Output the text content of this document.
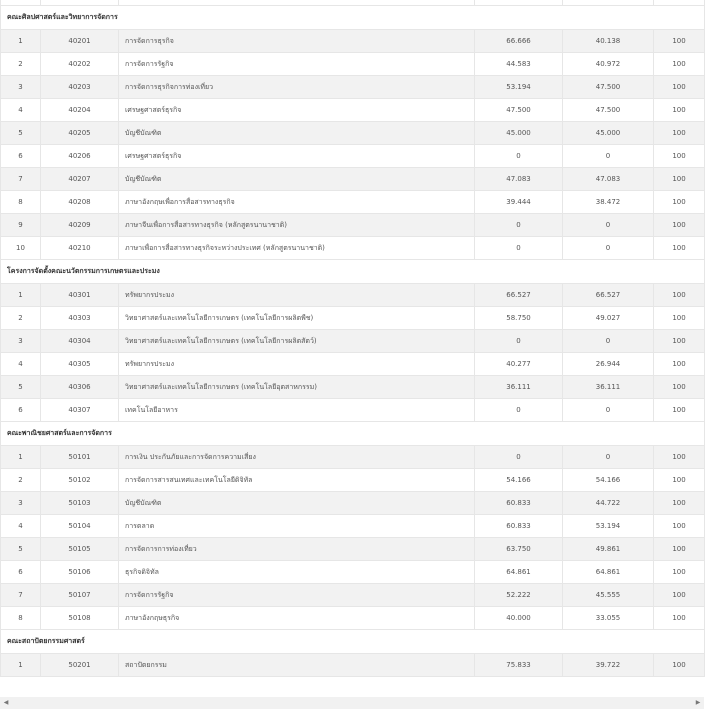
คณะศิลปศาสตร์และวิทยาการจัดการ					
1	40201	การจัดการธุรกิจ	66.666	40.138	100
2	40202	การจัดการรัฐกิจ	44.583	40.972	100
3	40203	การจัดการธุรกิจการท่องเที่ยว	53.194	47.500	100
4	40204	เศรษฐศาสตร์ธุรกิจ	47.500	47.500	100
5	40205	บัญชีบัณฑิต	45.000	45.000	100
6	40206	เศรษฐศาสตร์ธุรกิจ	0	0	100
7	40207	บัญชีบัณฑิต	47.083	47.083	100
8	40208	ภาษาอังกฤษเพื่อการสื่อสารทางธุรกิจ	39.444	38.472	100
9	40209	ภาษาจีนเพื่อการสื่อสารทางธุรกิจ (หลักสูตรนานาชาติ)	0	0	100
10	40210	ภาษาเพื่อการสื่อสารทางธุรกิจระหว่างประเทศ (หลักสูตรนานาชาติ)	0	0	100
โครงการจัดตั้งคณะนวัตกรรมการเกษตรและประมง					
1	40301	ทรัพยากรประมง	66.527	66.527	100
2	40303	วิทยาศาสตร์และเทคโนโลยีการเกษตร (เทคโนโลยีการผลิตพืช)	58.750	49.027	100
3	40304	วิทยาศาสตร์และเทคโนโลยีการเกษตร (เทคโนโลยีการผลิตสัตว์)	0	0	100
4	40305	ทรัพยากรประมง	40.277	26.944	100
5	40306	วิทยาศาสตร์และเทคโนโลยีการเกษตร (เทคโนโลยีอุตสาหกรรม)	36.111	36.111	100
6	40307	เทคโนโลยีอาหาร	0	0	100
คณะพาณิชยศาสตร์และการจัดการ					
1	50101	การเงิน ประกันภัยและการจัดการความเสี่ยง	0	0	100
2	50102	การจัดการสารสนเทศและเทคโนโลยีดิจิทัล	54.166	54.166	100
3	50103	บัญชีบัณฑิต	60.833	44.722	100
4	50104	การตลาด	60.833	53.194	100
5	50105	การจัดการการท่องเที่ยว	63.750	49.861	100
6	50106	ธุรกิจดิจิทัล	64.861	64.861	100
7	50107	การจัดการรัฐกิจ	52.222	45.555	100
8	50108	ภาษาอังกฤษธุรกิจ	40.000	33.055	100
คณะสถาปัตยกรรมศาสตร์					
1	50201	สถาปัตยกรรม	75.833	39.722	100
◀	▶
